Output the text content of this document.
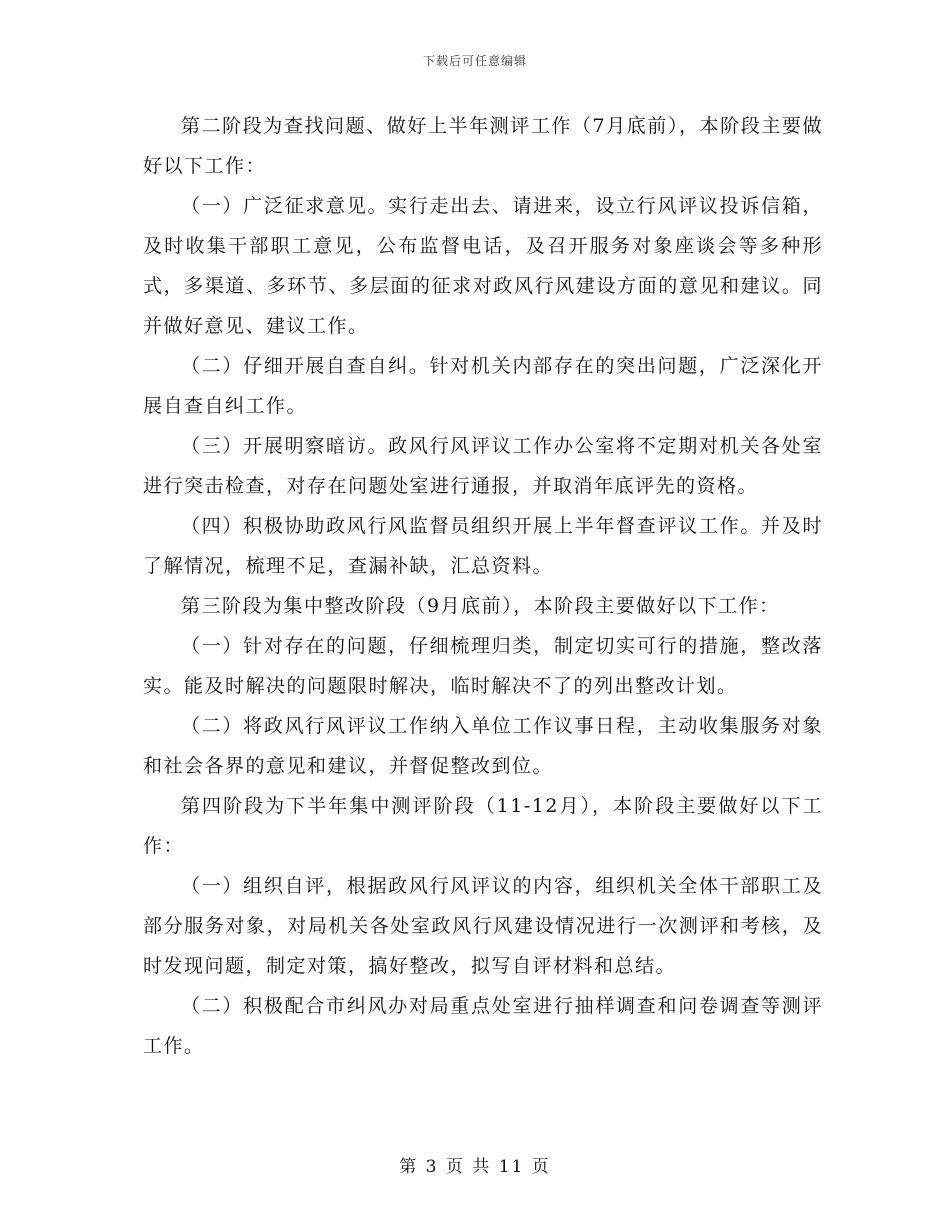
下载后可任意编辑

第二阶段为查找问题、做好上半年测评工作（7月底前），本阶段主要做好以下工作：

（一）广泛征求意见。实行走出去、请进来，设立行风评议投诉信箱，及时收集干部职工意见，公布监督电话，及召开服务对象座谈会等多种形式，多渠道、多环节、多层面的征求对政风行风建设方面的意见和建议。同并做好意见、建议工作。

（二）仔细开展自查自纠。针对机关内部存在的突出问题，广泛深化开展自查自纠工作。

（三）开展明察暗访。政风行风评议工作办公室将不定期对机关各处室进行突击检查，对存在问题处室进行通报，并取消年底评先的资格。

（四）积极协助政风行风监督员组织开展上半年督查评议工作。并及时了解情况，梳理不足，查漏补缺，汇总资料。

第三阶段为集中整改阶段（9月底前），本阶段主要做好以下工作：

（一）针对存在的问题，仔细梳理归类，制定切实可行的措施，整改落实。能及时解决的问题限时解决，临时解决不了的列出整改计划。

（二）将政风行风评议工作纳入单位工作议事日程，主动收集服务对象和社会各界的意见和建议，并督促整改到位。

第四阶段为下半年集中测评阶段（11-12月），本阶段主要做好以下工作：

（一）组织自评，根据政风行风评议的内容，组织机关全体干部职工及部分服务对象，对局机关各处室政风行风建设情况进行一次测评和考核，及时发现问题，制定对策，搞好整改，拟写自评材料和总结。

（二）积极配合市纠风办对局重点处室进行抽样调查和问卷调查等测评工作。

第 3 页 共 11 页
